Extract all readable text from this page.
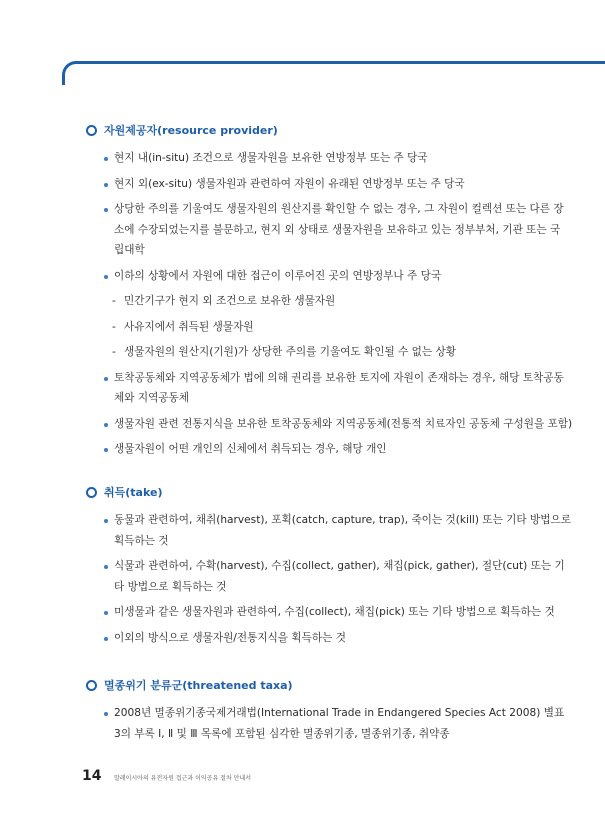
자원제공자(resource provider)
현지 내(in-situ) 조건으로 생물자원을 보유한 연방정부 또는 주 당국
현지 외(ex-situ) 생물자원과 관련하여 자원이 유래된 연방정부 또는 주 당국
상당한 주의를 기울여도 생물자원의 원산지를 확인할 수 없는 경우, 그 자원이 컬렉션 또는 다른 장
소에 수장되었는지를 불문하고, 현지 외 상태로 생물자원을 보유하고 있는 정부부처, 기관 또는 국
립대학
이하의 상황에서 자원에 대한 접근이 이루어진 곳의 연방정부나 주 당국
- 민간기구가 현지 외 조건으로 보유한 생물자원
- 사유지에서 취득된 생물자원
- 생물자원의 원산지(기원)가 상당한 주의를 기울여도 확인될 수 없는 상황
토착공동체와 지역공동체가 법에 의해 권리를 보유한 토지에 자원이 존재하는 경우, 해당 토착공동
체와 지역공동체
생물자원 관련 전통지식을 보유한 토착공동체와 지역공동체(전통적 치료자인 공동체 구성원을 포함)
생물자원이 어떤 개인의 신체에서 취득되는 경우, 해당 개인
취득(take)
동물과 관련하여, 채취(harvest), 포획(catch, capture, trap), 죽이는 것(kill) 또는 기타 방법으로
획득하는 것
식물과 관련하여, 수확(harvest), 수집(collect, gather), 채집(pick, gather), 절단(cut) 또는 기
타 방법으로 획득하는 것
미생물과 같은 생물자원과 관련하여, 수집(collect), 채집(pick) 또는 기타 방법으로 획득하는 것
이외의 방식으로 생물자원/전통지식을 획득하는 것
멸종위기 분류군(threatened taxa)
2008년 멸종위기종국제거래법(International Trade in Endangered Species Act 2008) 별표
3의 부록 Ⅰ, Ⅱ 및 Ⅲ 목록에 포함된 심각한 멸종위기종, 멸종위기종, 취약종
14 말레이시아의 유전자원 접근과 이익공유 절차 안내서
